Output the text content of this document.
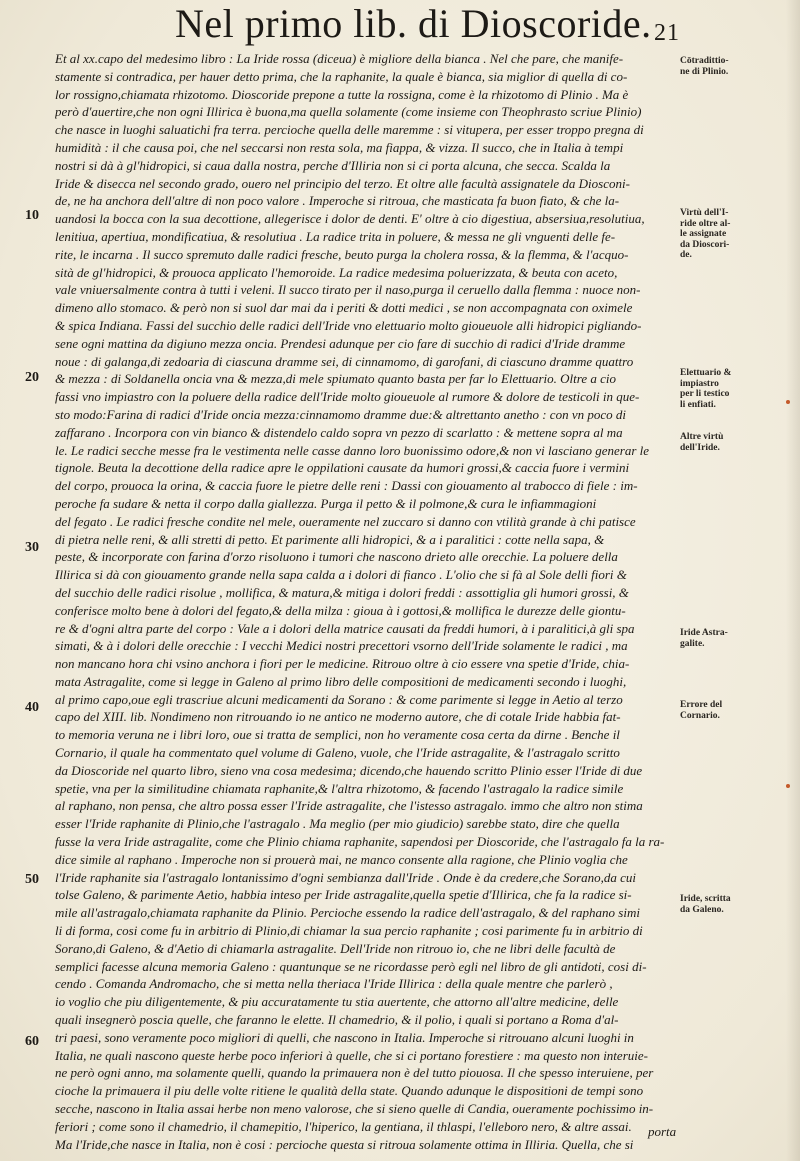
Nel primo lib. di Dioscoride. 21
Et al xx.capo del medesimo libro : La Iride rossa (diceua) è migliore della bianca . Nel che pare, che manife-
stamente si contradica, per hauer detto prima, che la raphanite, la quale è bianca, sia miglior di quella di co-
lor rossigno,chiamata rhizotomo. Dioscoride prepone a tutte la rossigna, come è la rhizotomo di Plinio . Ma è
però d'auertire,che non ogni Illirica è buona,ma quella solamente (come insieme con Theophrasto scriue Plinio)
che nasce in luoghi saluatichi fra terra. percioche quella delle maremme : si vitupera, per esser troppo pregna di
humidità : il che causa poi, che nel seccarsi non resta sola, ma fiappa, & vizza. Il succo, che in Italia à tempi
nostri si dà à gl'hidropici, si caua dalla nostra, perche d'Illiria non si ci porta alcuna, che secca. Scalda la
Iride & disecca nel secondo grado, ouero nel principio del terzo. Et oltre alle facultà assignatele da Diosconi-
de, ne ha anchora dell'altre di non poco valore . Imperoche si ritroua, che masticata fa buon fiato, & che la-
uandosi la bocca con la sua decottione, allegerisce i dolor de denti. E' oltre à cio digestiua, absersiua,resolutiua,
lenitiua, apertiua, mondificatiua, & resolutiua . La radice trita in poluere, & messa ne gli vnguenti delle fe-
rite, le incarna . Il succo spremuto dalle radici fresche, beuto purga la cholera rossa, & la flemma, & l'acquo-
sità de gl'hidropici, & prouoca applicato l'hemoroide. La radice medesima poluerizzata, & beuta con aceto,
vale vniuersalmente contra à tutti i veleni. Il succo tirato per il naso,purga il ceruello dalla flemma : nuoce non-
dimeno allo stomaco. & però non si suol dar mai da i periti & dotti medici , se non accompagnata con oximele
& spica Indiana. Fassi del succhio delle radici dell'Iride vno elettuario molto gioueuole alli hidropici pigliando-
sene ogni mattina da digiuno mezza oncia. Prendesi adunque per cio fare di succhio di radici d'Iride dramme
noue : di galanga,di zedoaria di ciascuna dramme sei, di cinnamomo, di garofani, di ciascuno dramme quattro
& mezza : di Soldanella oncia vna & mezza,di mele spiumato quanto basta per far lo Elettuario. Oltre a cio
fassi vno impiastro con la poluere della radice dell'Iride molto gioueuole al rumore & dolore de testicoli in que-
sto modo:Farina di radici d'Iride oncia mezza:cinnamomo dramme due:& altrettanto anetho : con vn poco di
zaffarano . Incorpora con vin bianco & distendelo caldo sopra vn pezzo di scarlatto : & mettene sopra al ma
le. Le radici secche messe fra le vestimenta nelle casse danno loro buonissimo odore,& non vi lasciano generar le
tignole. Beuta la decottione della radice apre le oppilationi causate da humori grossi,& caccia fuore i vermini
del corpo, prouoca la orina, & caccia fuore le pietre delle reni : Dassi con giouamento al trabocco di fiele : im-
peroche fa sudare & netta il corpo dalla giallezza. Purga il petto & il polmone,& cura le infiammagioni
del fegato . Le radici fresche condite nel mele, oueramente nel zuccaro si danno con vtilità grande à chi patisce
di pietra nelle reni, & alli stretti di petto. Et parimente alli hidropici, & a i paralitici : cotte nella sapa, &
peste, & incorporate con farina d'orzo risoluono i tumori che nascono drieto alle orecchie. La poluere della
Illirica si dà con giouamento grande nella sapa calda a i dolori di fianco . L'olio che si fà al Sole delli fiori &
del succhio delle radici risolue , mollifica, & matura,& mitiga i dolori freddi : assottiglia gli humori grossi, &
conferisce molto bene à dolori del fegato,& della milza : gioua à i gottosi,& mollifica le durezze delle giontu-
re & d'ogni altra parte del corpo : Vale a i dolori della matrice causati da freddi humori, à i paralitici,à gli spa
simati, & à i dolori delle orecchie : I vecchi Medici nostri precettori vsorno dell'Iride solamente le radici , ma
non mancano hora chi vsino anchora i fiori per le medicine. Ritrouo oltre à cio essere vna spetie d'Iride, chia-
mata Astragalite, come si legge in Galeno al primo libro delle compositioni de medicamenti secondo i luoghi,
al primo capo,oue egli trascriue alcuni medicamenti da Sorano : & come parimente si legge in Aetio al terzo
capo del XIII. lib. Nondimeno non ritrouando io ne antico ne moderno autore, che di cotale Iride habbia fat-
to memoria veruna ne i libri loro, oue si tratta de semplici, non ho veramente cosa certa da dirne . Benche il
Cornario, il quale ha commentato quel volume di Galeno, vuole, che l'Iride astragalite, & l'astragalo scritto
da Dioscoride nel quarto libro, sieno vna cosa medesima; dicendo,che hauendo scritto Plinio esser l'Iride di due
spetie, vna per la similitudine chiamata raphanite,& l'altra rhizotomo, & facendo l'astragalo la radice simile
al raphano, non pensa, che altro possa esser l'Iride astragalite, che l'istesso astragalo. immo che altro non stima
esser l'Iride raphanite di Plinio,che l'astragalo . Ma meglio (per mio giudicio) sarebbe stato, dire che quella
fusse la vera Iride astragalite, come che Plinio chiama raphanite, sapendosi per Dioscoride, che l'astragalo fa la ra-
dice simile al raphano . Imperoche non si prouerà mai, ne manco consente alla ragione, che Plinio voglia che
l'Iride raphanite sia l'astragalo lontanissimo d'ogni sembianza dall'Iride . Onde è da credere,che Sorano,da cui
tolse Galeno, & parimente Aetio, habbia inteso per Iride astragalite,quella spetie d'Illirica, che fa la radice si-
mile all'astragalo,chiamata raphanite da Plinio. Percioche essendo la radice dell'astragalo, & del raphano simi
li di forma, cosi come fu in arbitrio di Plinio,di chiamar la sua percio raphanite ; cosi parimente fu in arbitrio di
Sorano,di Galeno, & d'Aetio di chiamarla astragalite. Dell'Iride non ritrouo io, che ne libri delle facultà de
semplici facesse alcuna memoria Galeno : quantunque se ne ricordasse però egli nel libro de gli antidoti, cosi di-
cendo . Comanda Andromacho, che si metta nella theriaca l'Iride Illirica : della quale mentre che parlerò ,
io voglio che piu diligentemente, & piu accuratamente tu stia auertente, che attorno all'altre medicine, delle
quali insegnerò poscia quelle, che faranno le elette. Il chamedrio, & il polio, i quali si portano a Roma d'al-
tri paesi, sono veramente poco migliori di quelli, che nascono in Italia. Imperoche si ritrouano alcuni luoghi in
Italia, ne quali nascono queste herbe poco inferiori à quelle, che si ci portano forestiere : ma questo non interuie-
ne però ogni anno, ma solamente quelli, quando la primauera non è del tutto piouosa. Il che spesso interuiene, per
cioche la primauera il piu delle volte ritiene le qualità della state. Quando adunque le dispositioni de tempi sono
secche, nascono in Italia assai herbe non meno valorose, che si sieno quelle di Candia, oueramente pochissimo in-
feriori ; come sono il chamedrio, il chamepitio, l'hiperico, la gentiana, il thlaspi, l'elleboro nero, & altre assai.
Ma l'Iride,che nasce in Italia, non è cosi : percioche questa si ritroua solamente ottima in Illiria. Quella, che si
10
20
30
40
50
60
Cōtradittio-
ne di Plinio.
Virtù dell'I-
ride oltre al-
le assignate
da Dioscori-
de.
Elettuario &
impiastro
per li testico
li enfiati.
Altre virtù
dell'Iride.
Iride Astra-
galite.
Errore del
Cornario.
Iride, scritta
da Galeno.
porta
